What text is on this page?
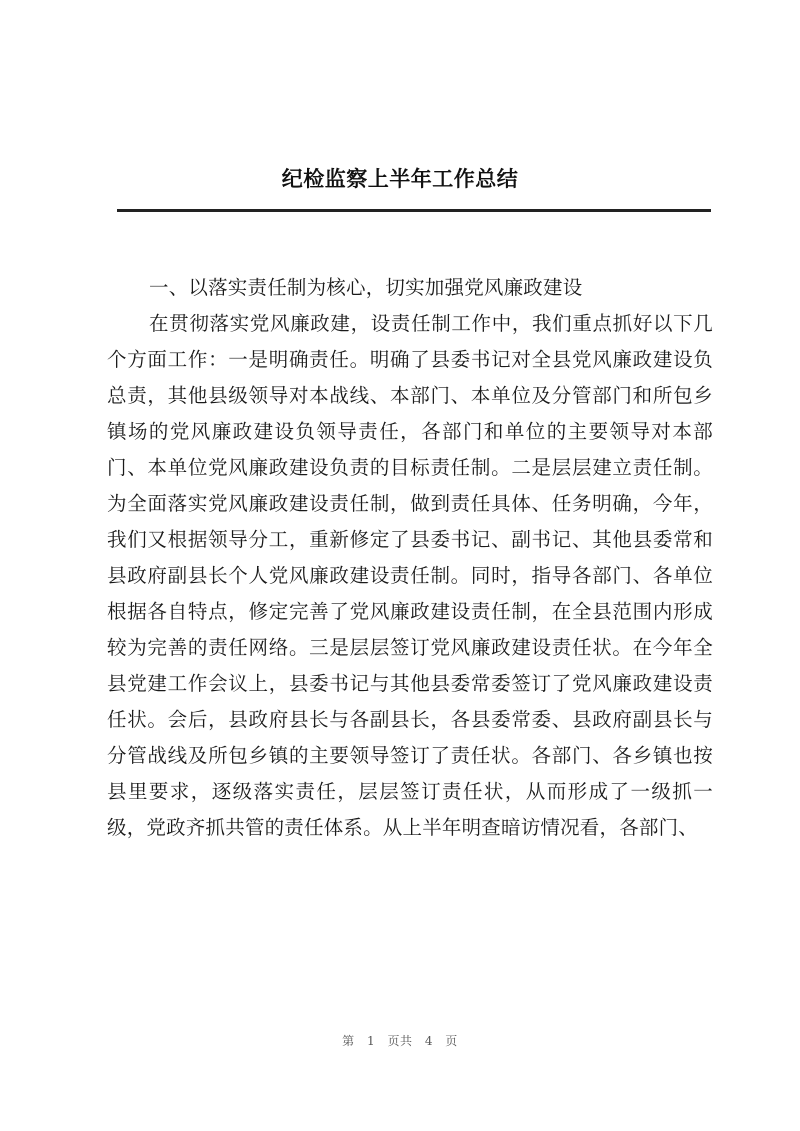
纪检监察上半年工作总结

一、以落实责任制为核心，切实加强党风廉政建设

在贯彻落实党风廉政建，设责任制工作中，我们重点抓好以下几个方面工作：一是明确责任。明确了县委书记对全县党风廉政建设负总责，其他县级领导对本战线、本部门、本单位及分管部门和所包乡镇场的党风廉政建设负领导责任，各部门和单位的主要领导对本部门、本单位党风廉政建设负责的目标责任制。二是层层建立责任制。为全面落实党风廉政建设责任制，做到责任具体、任务明确，今年，我们又根据领导分工，重新修定了县委书记、副书记、其他县委常和县政府副县长个人党风廉政建设责任制。同时，指导各部门、各单位根据各自特点，修定完善了党风廉政建设责任制，在全县范围内形成较为完善的责任网络。三是层层签订党风廉政建设责任状。在今年全县党建工作会议上，县委书记与其他县委常委签订了党风廉政建设责任状。会后，县政府县长与各副县长，各县委常委、县政府副县长与分管战线及所包乡镇的主要领导签订了责任状。各部门、各乡镇也按县里要求，逐级落实责任，层层签订责任状，从而形成了一级抓一级，党政齐抓共管的责任体系。从上半年明查暗访情况看，各部门、

第 1 页共 4 页
